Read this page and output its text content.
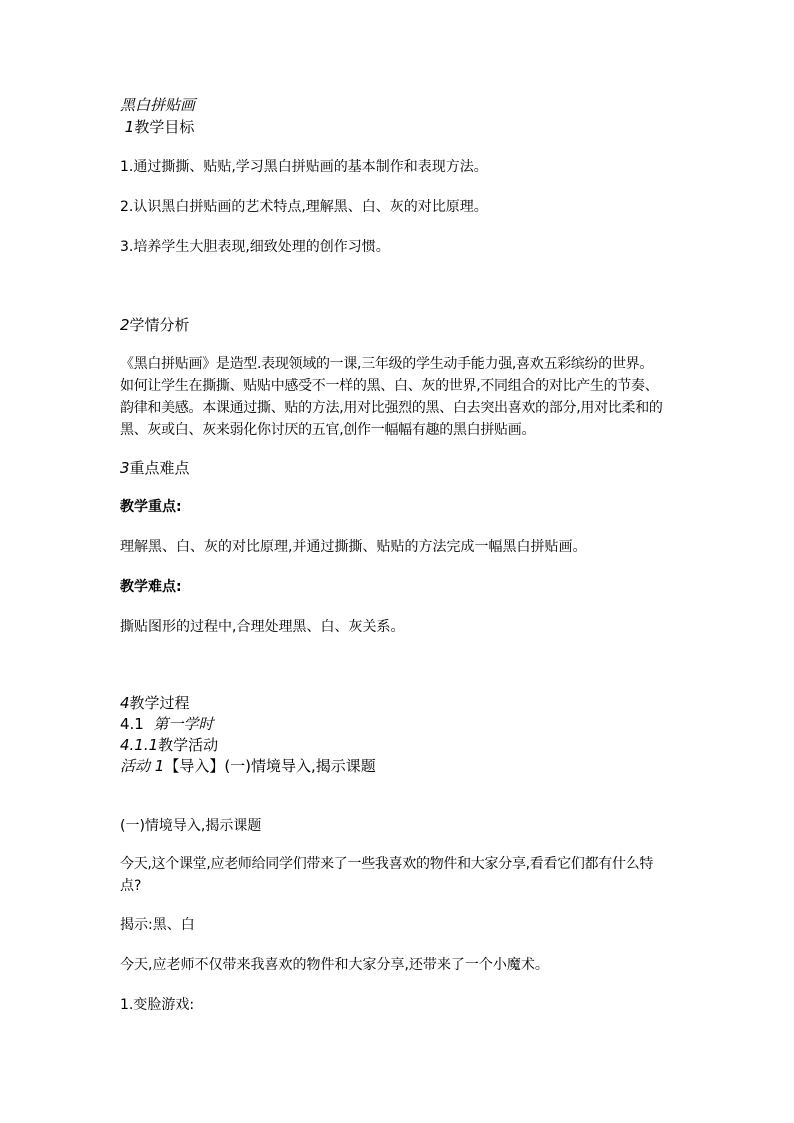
黑白拼贴画
1教学目标
1.通过撕撕、贴贴,学习黑白拼贴画的基本制作和表现方法。
2.认识黑白拼贴画的艺术特点,理解黑、白、灰的对比原理。
3.培养学生大胆表现,细致处理的创作习惯。
2学情分析
《黑白拼贴画》是造型.表现领域的一课,三年级的学生动手能力强,喜欢五彩缤纷的世界。
如何让学生在撕撕、贴贴中感受不一样的黑、白、灰的世界,不同组合的对比产生的节奏、
韵律和美感。本课通过撕、贴的方法,用对比强烈的黑、白去突出喜欢的部分,用对比柔和的
黑、灰或白、灰来弱化你讨厌的五官,创作一幅幅有趣的黑白拼贴画。
3重点难点
教学重点:
理解黑、白、灰的对比原理,并通过撕撕、贴贴的方法完成一幅黑白拼贴画。
教学难点:
撕贴图形的过程中,合理处理黑、白、灰关系。
4教学过程
4.1 第一学时
4.1.1教学活动
活动 1【导入】(一)情境导入,揭示课题
(一)情境导入,揭示课题
今天,这个课堂,应老师给同学们带来了一些我喜欢的物件和大家分享,看看它们都有什么特
点?
揭示:黑、白
今天,应老师不仅带来我喜欢的物件和大家分享,还带来了一个小魔术。
1.变脸游戏:
